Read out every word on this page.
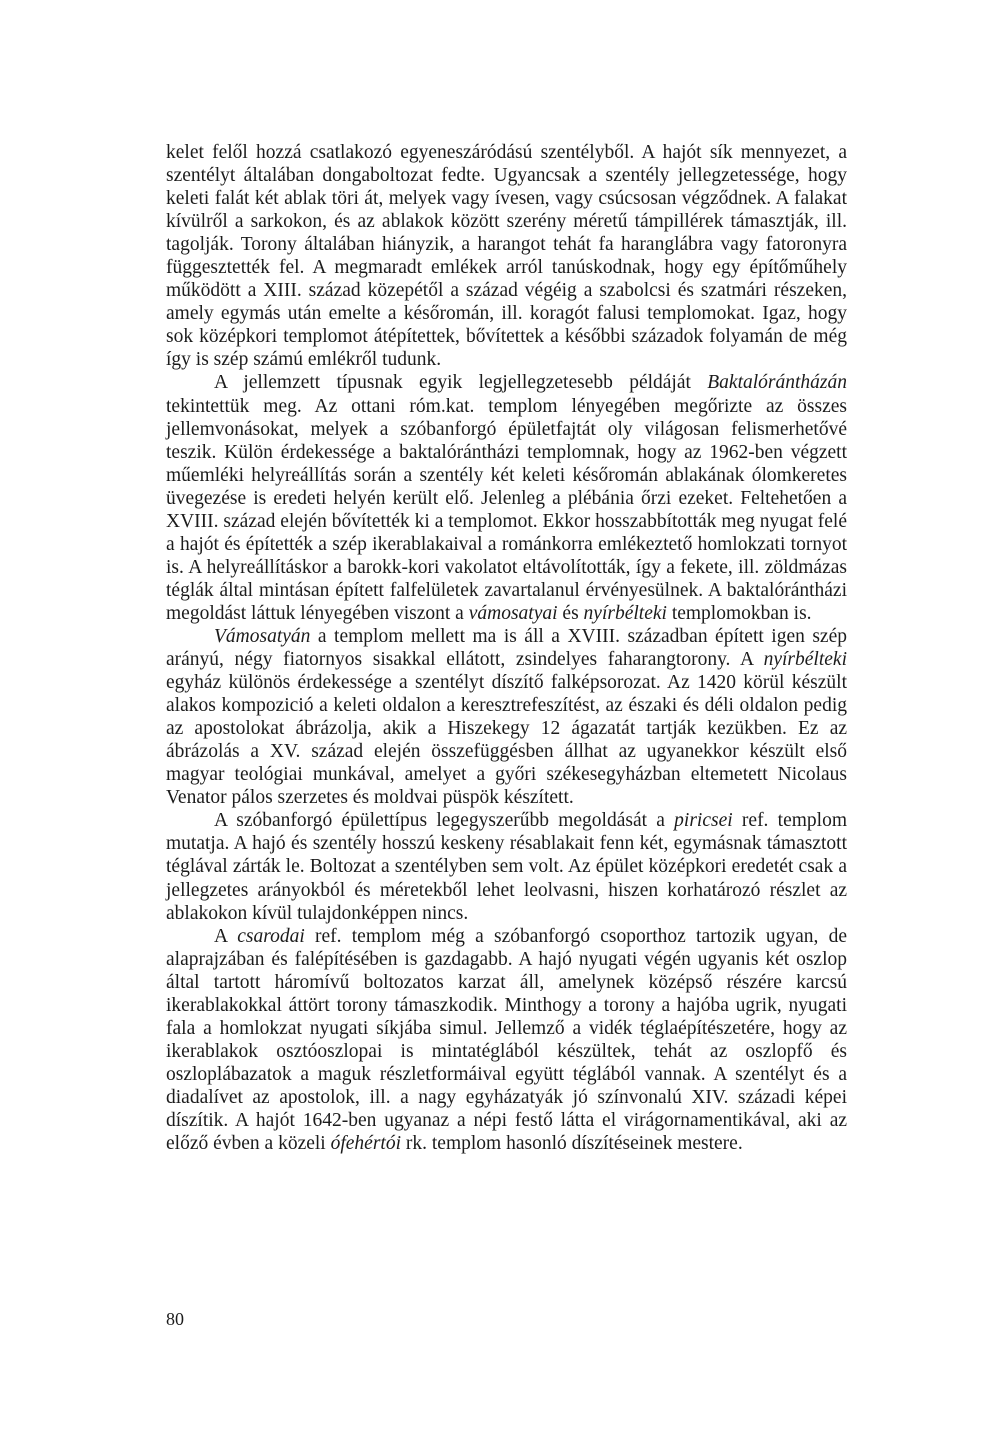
kelet felől hozzá csatlakozó egyeneszáródású szentélyből. A hajót sík mennyezet, a szentélyt általában dongaboltozat fedte. Ugyancsak a szentély jellegzetessége, hogy keleti falát két ablak töri át, melyek vagy ívesen, vagy csúcsosan végződnek. A falakat kívülről a sarkokon, és az ablakok között szerény méretű támpillérek támasztják, ill. tagolják. Torony általában hiányzik, a harangot tehát fa haranglábra vagy fatoronyra függesztették fel. A megmaradt emlékek arról tanúskodnak, hogy egy építőműhely működött a XIII. század közepétől a század végéig a szabolcsi és szatmári részeken, amely egymás után emelte a későromán, ill. koragót falusi templomokat. Igaz, hogy sok középkori templomot átépítettek, bővítettek a későbbi századok folyamán de még így is szép számú emlékről tudunk.

A jellemzett típusnak egyik legjellegzetesebb példáját Baktalórántházán tekintettük meg. Az ottani róm.kat. templom lényegében megőrizte az összes jellemvonásokat, melyek a szóbanforgó épületfajtát oly világosan felismerhetővé teszik. Külön érdekessége a baktalórántházi templomnak, hogy az 1962-ben végzett műemléki helyreállítás során a szentély két keleti későromán ablakának ólomkeretes üvegezése is eredeti helyén került elő. Jelenleg a plébánia őrzi ezeket. Feltehetően a XVIII. század elején bővítették ki a templomot. Ekkor hosszabbították meg nyugat felé a hajót és építették a szép ikerablakaival a románkorra emlékeztető homlokzati tornyot is. A helyreállításkor a barokk-kori vakolatot eltávolították, így a fekete, ill. zöldmázas téglák által mintásan épített falfelületek zavartalanul érvényesülnek. A baktalórántházi megoldást láttuk lényegében viszont a vámosatyai és nyírbélteki templomokban is.

Vámosatyán a templom mellett ma is áll a XVIII. században épített igen szép arányú, négy fiatornyos sisakkal ellátott, zsindelyes faharangtorony. A nyírbélteki egyház különös érdekessége a szentélyt díszítő falképsorozat. Az 1420 körül készült alakos kompozició a keleti oldalon a keresztrefeszítést, az északi és déli oldalon pedig az apostolokat ábrázolja, akik a Hiszekegy 12 ágazatát tartják kezükben. Ez az ábrázolás a XV. század elején összefüggésben állhat az ugyanekkor készült első magyar teológiai munkával, amelyet a győri székesegyházban eltemetett Nicolaus Venator pálos szerzetes és moldvai püspök készített.

A szóbanforgó épülettípus legegyszerűbb megoldását a piricsei ref. templom mutatja. A hajó és szentély hosszú keskeny résablakait fenn két, egymásnak támasztott téglával zárták le. Boltozat a szentélyben sem volt. Az épület középkori eredetét csak a jellegzetes arányokból és méretekből lehet leolvasni, hiszen korhatározó részlet az ablakokon kívül tulajdonképpen nincs.

A csarodai ref. templom még a szóbanforgó csoporthoz tartozik ugyan, de alaprajzában és falépítésében is gazdagabb. A hajó nyugati végén ugyanis két oszlop által tartott háromívű boltozatos karzat áll, amelynek középső részére karcsú ikerablakokkal áttört torony támaszkodik. Minthogy a torony a hajóba ugrik, nyugati fala a homlokzat nyugati síkjába simul. Jellemző a vidék téglaépítészetére, hogy az ikerablakok osztóoszlopai is mintatéglából készültek, tehát az oszlopfő és oszloplábazatok a maguk részletformáival együtt téglából vannak. A szentélyt és a diadalívet az apostolok, ill. a nagy egyházatyák jó színvonalú XIV. századi képei díszítik. A hajót 1642-ben ugyanaz a népi festő látta el virágornamentikával, aki az előző évben a közeli ófehértói rk. templom hasonló díszítéseinek mestere.

80
